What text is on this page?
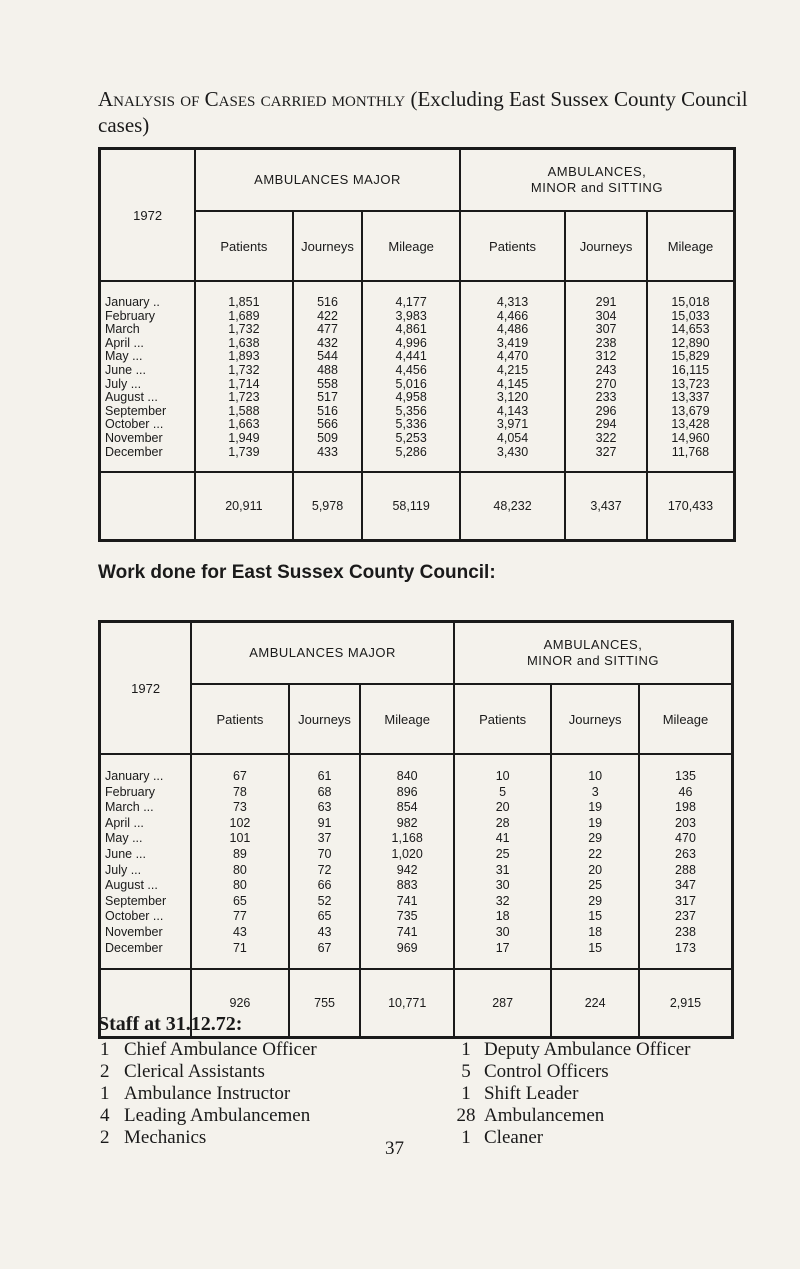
Analysis of Cases carried monthly (Excluding East Sussex County Council cases)
1972	AMBULANCES MAJOR			AMBULANCES,
MINOR and SITTING		
	Patients	Journeys	Mileage	Patients	Journeys	Mileage
January ..	1,851	516	4,177	4,313	291	15,018
February	1,689	422	3,983	4,466	304	15,033
March	1,732	477	4,861	4,486	307	14,653
April ...	1,638	432	4,996	3,419	238	12,890
May ...	1,893	544	4,441	4,470	312	15,829
June ...	1,732	488	4,456	4,215	243	16,115
July ...	1,714	558	5,016	4,145	270	13,723
August ...	1,723	517	4,958	3,120	233	13,337
September	1,588	516	5,356	4,143	296	13,679
October ...	1,663	566	5,336	3,971	294	13,428
November	1,949	509	5,253	4,054	322	14,960
December	1,739	433	5,286	3,430	327	11,768
	20,911	5,978	58,119	48,232	3,437	170,433
Work done for East Sussex County Council:
1972	AMBULANCES MAJOR			AMBULANCES,
MINOR and SITTING		
	Patients	Journeys	Mileage	Patients	Journeys	Mileage
January ...	67	61	840	10	10	135
February	78	68	896	5	3	46
March ...	73	63	854	20	19	198
April ...	102	91	982	28	19	203
May ...	101	37	1,168	41	29	470
June ...	89	70	1,020	25	22	263
July ...	80	72	942	31	20	288
August ...	80	66	883	30	25	347
September	65	52	741	32	29	317
October ...	77	65	735	18	15	237
November	43	43	741	30	18	238
December	71	67	969	17	15	173
	926	755	10,771	287	224	2,915
Staff at 31.12.72:
1 Chief Ambulance Officer
2 Clerical Assistants
1 Ambulance Instructor
4 Leading Ambulancemen
2 Mechanics
1 Deputy Ambulance Officer
5 Control Officers
1 Shift Leader
28 Ambulancemen
1 Cleaner
37
